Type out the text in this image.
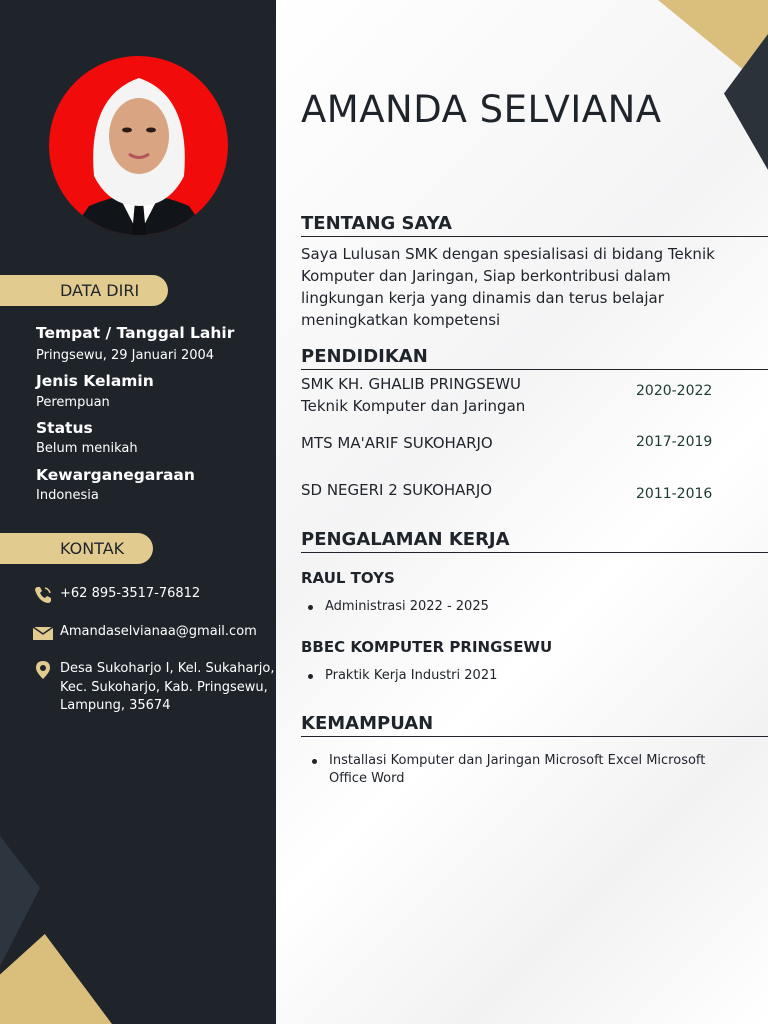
DATA DIRI
Tempat / Tanggal Lahir
Pringsewu, 29 Januari 2004
Jenis Kelamin
Perempuan
Status
Belum menikah
Kewarganegaraan
Indonesia
KONTAK
+62 895-3517-76812
Amandaselvianaa@gmail.com
Desa Sukoharjo I, Kel. Sukaharjo, Kec. Sukoharjo, Kab. Pringsewu, Lampung, 35674
AMANDA SELVIANA
TENTANG SAYA

Saya Lulusan SMK dengan spesialisasi di bidang Teknik Komputer dan Jaringan, Siap berkontribusi dalam lingkungan kerja yang dinamis dan terus belajar meningkatkan kompetensi

PENDIDIKAN
SMK KH. GHALIB PRINGSEWU
Teknik Komputer dan Jaringan
2020-2022
MTS MA'ARIF SUKOHARJO	2017-2019
SD NEGERI 2 SUKOHARJO	2011-2016
PENGALAMAN KERJA
RAUL TOYS
Administrasi 2022 - 2025
BBEC KOMPUTER PRINGSEWU
Praktik Kerja Industri 2021
KEMAMPUAN
Installasi Komputer dan Jaringan Microsoft Excel Microsoft Office Word
